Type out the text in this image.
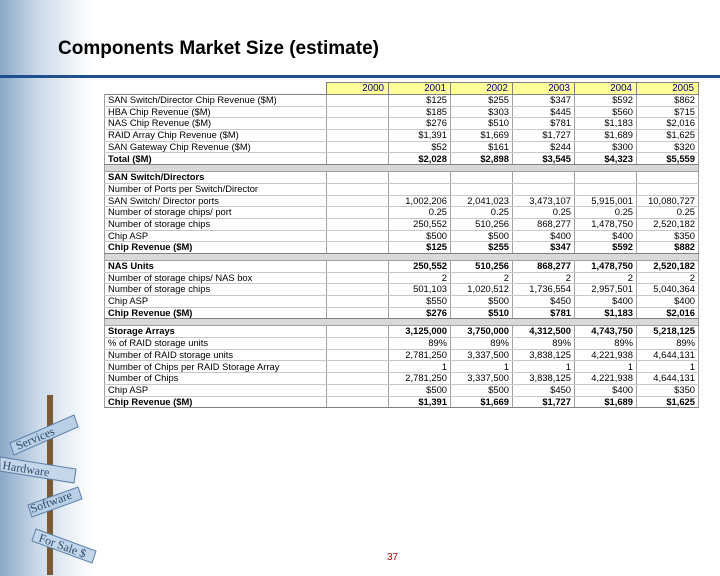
Components Market Size (estimate)
Services
Hardware
Software
For Sale $
	2000	2001	2002	2003	2004	2005
SAN Switch/Director Chip Revenue ($M)		$125	$255	$347	$592	$862
HBA Chip Revenue ($M)		$185	$303	$445	$560	$715
NAS Chip Revenue ($M)		$276	$510	$781	$1,183	$2,016
RAID Array Chip Revenue ($M)		$1,391	$1,669	$1,727	$1,689	$1,625
SAN Gateway Chip Revenue ($M)		$52	$161	$244	$300	$320
Total ($M)		$2,028	$2,898	$3,545	$4,323	$5,559

SAN Switch/Directors						
Number of Ports per Switch/Director						
SAN Switch/ Director ports		1,002,206	2,041,023	3,473,107	5,915,001	10,080,727
Number of storage chips/ port		0.25	0.25	0.25	0.25	0.25
Number of storage chips		250,552	510,256	868,277	1,478,750	2,520,182
Chip ASP		$500	$500	$400	$400	$350
Chip Revenue ($M)		$125	$255	$347	$592	$882

NAS Units		250,552	510,256	868,277	1,478,750	2,520,182
Number of storage chips/ NAS box		2	2	2	2	2
Number of storage chips		501,103	1,020,512	1,736,554	2,957,501	5,040,364
Chip ASP		$550	$500	$450	$400	$400
Chip Revenue ($M)		$276	$510	$781	$1,183	$2,016

Storage Arrays		3,125,000	3,750,000	4,312,500	4,743,750	5,218,125
% of RAID storage units		89%	89%	89%	89%	89%
Number of RAID storage units		2,781,250	3,337,500	3,838,125	4,221,938	4,644,131
Number of Chips per RAID Storage Array		1	1	1	1	1
Number of Chips		2,781,250	3,337,500	3,838,125	4,221,938	4,644,131
Chip ASP		$500	$500	$450	$400	$350
Chip Revenue ($M)		$1,391	$1,669	$1,727	$1,689	$1,625
37
